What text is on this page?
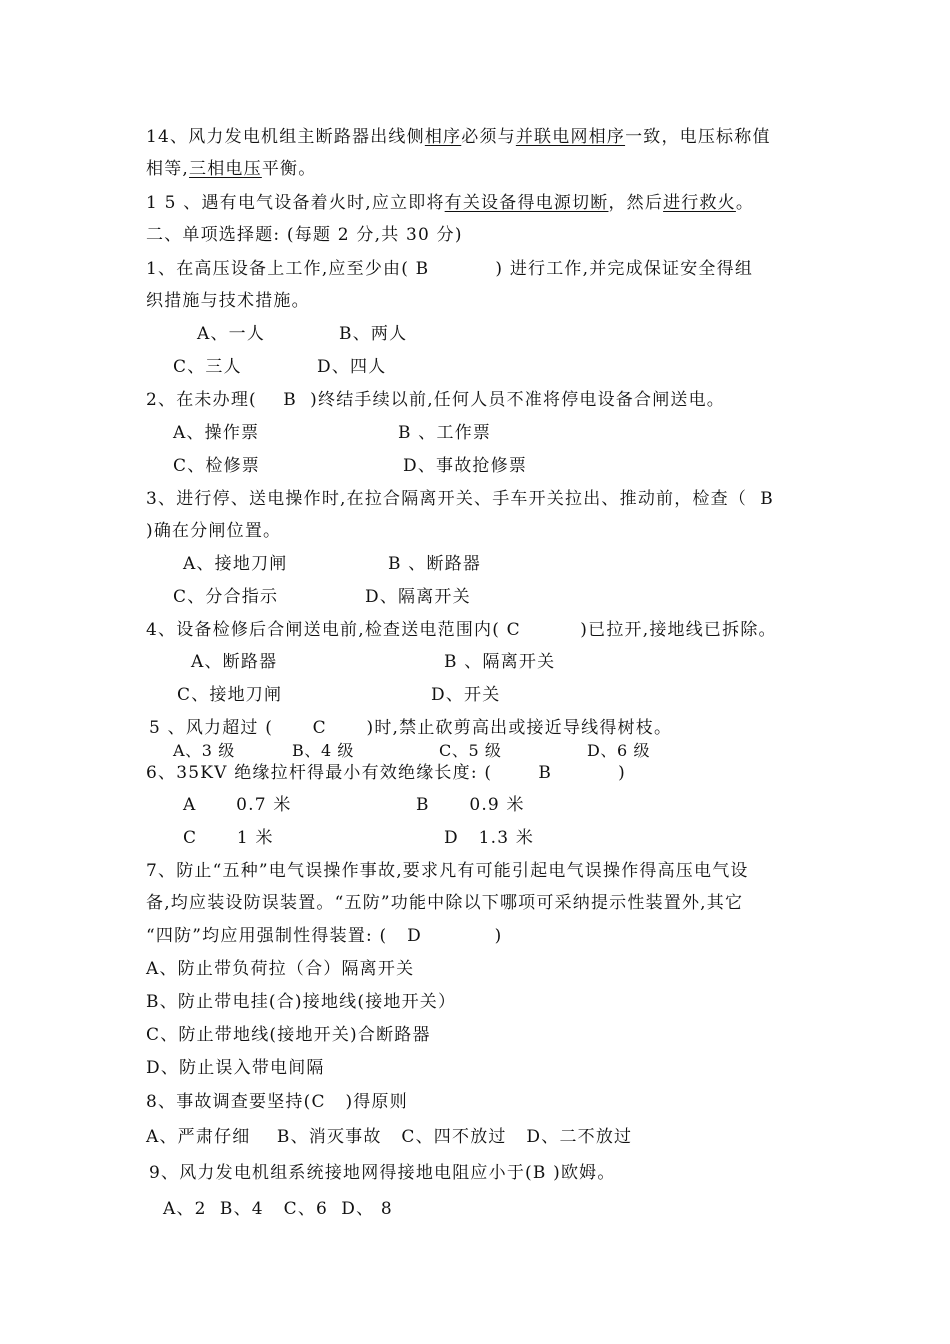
14、风力发电机组主断路器出线侧相序必须与并联电网相序一致，电压标称值
相等,三相电压平衡。
1 5 、遇有电气设备着火时,应立即将有关设备得电源切断，然后进行救火。
二、单项选择题: (每题 2 分,共 30 分)
1、在高压设备上工作,应至少由( B          ) 进行工作,并完成保证安全得组
织措施与技术措施。
A、一人	B、两人
C、三人	D、四人
2、在未办理(    B  )终结手续以前,任何人员不准将停电设备合闸送电。
A、操作票	B 、工作票
C、检修票	D、事故抢修票
3、进行停、送电操作时,在拉合隔离开关、手车开关拉出、推动前，检查（  B
)确在分闸位置。
A、接地刀闸	B 、断路器
C、分合指示	D、隔离开关
4、设备检修后合闸送电前,检查送电范围内( C         )已拉开,接地线已拆除。
A、断路器	B 、隔离开关
C、接地刀闸	D、开关
5 、风力超过 (      C      )时,禁止砍剪高出或接近导线得树枝。
A、3 级	B、4 级	C、5 级	D、6 级
6、35KV 绝缘拉杆得最小有效绝缘长度: (       B          )
A      0.7 米	B      0.9 米
C      1 米	D   1.3 米
7、防止“五种”电气误操作事故,要求凡有可能引起电气误操作得高压电气设
备,均应装设防误装置。“五防”功能中除以下哪项可采纳提示性装置外,其它
“四防”均应用强制性得装置: (   D           )
A、防止带负荷拉（合）隔离开关
B、防止带电挂(合)接地线(接地开关）
C、防止带地线(接地开关)合断路器
D、防止误入带电间隔
8、事故调查要坚持(C   )得原则
A、严肃仔细    B、消灭事故   C、四不放过   D、二不放过
9、风力发电机组系统接地网得接地电阻应小于(B )欧姆。
A、2  B、4   C、6  D、 8
